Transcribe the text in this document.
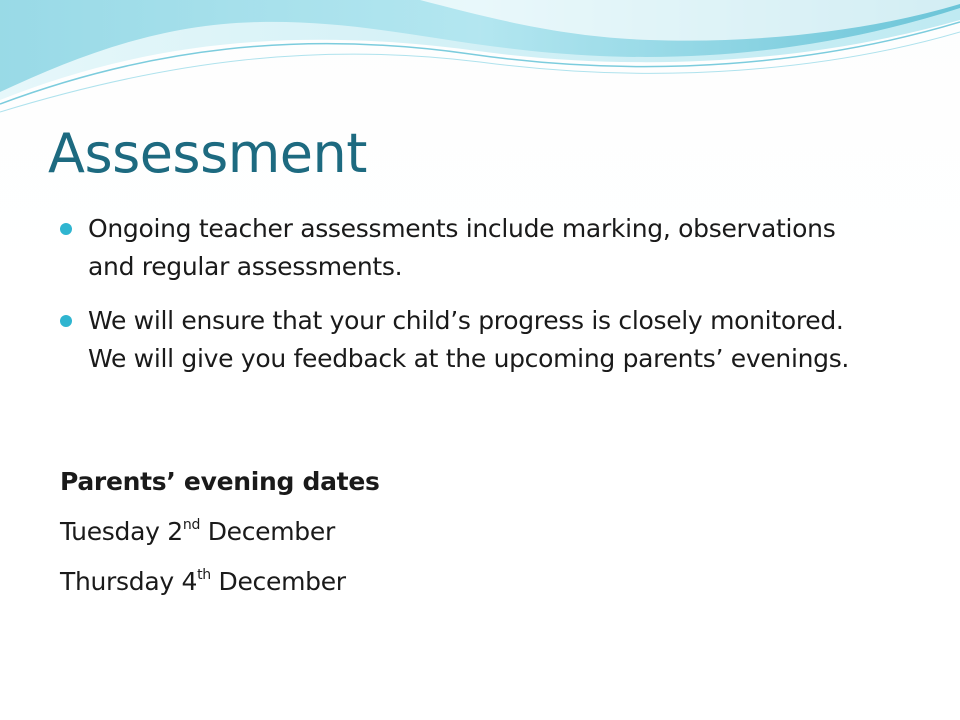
Assessment
Ongoing teacher assessments include marking, observations and regular assessments.
We will ensure that your child’s progress is closely monitored. We will give you feedback at the upcoming parents’ evenings.
Parents’ evening dates
Tuesday 2nd December
Thursday 4th December
